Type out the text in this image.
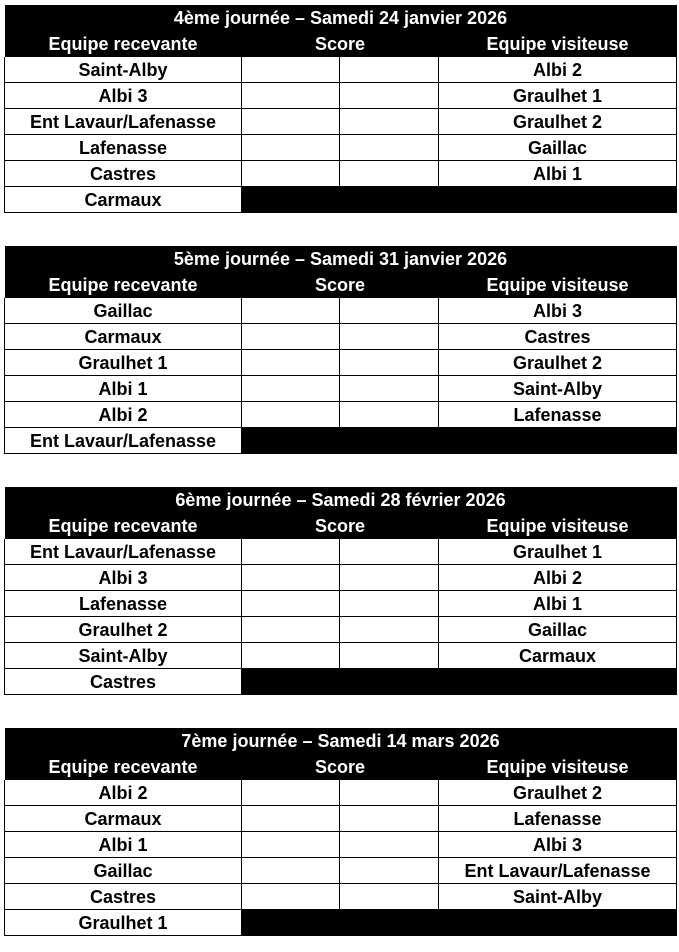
4ème journée – Samedi 24 janvier 2026			
Equipe recevante	Score		Equipe visiteuse
Saint-Alby			Albi 2
Albi 3			Graulhet 1
Ent Lavaur/Lafenasse			Graulhet 2
Lafenasse			Gaillac
Castres			Albi 1
Carmaux			
5ème journée – Samedi 31 janvier 2026			
Equipe recevante	Score		Equipe visiteuse
Gaillac			Albi 3
Carmaux			Castres
Graulhet 1			Graulhet 2
Albi 1			Saint-Alby
Albi 2			Lafenasse
Ent Lavaur/Lafenasse			
6ème journée – Samedi 28 février 2026			
Equipe recevante	Score		Equipe visiteuse
Ent Lavaur/Lafenasse			Graulhet 1
Albi 3			Albi 2
Lafenasse			Albi 1
Graulhet 2			Gaillac
Saint-Alby			Carmaux
Castres			
7ème journée – Samedi 14 mars 2026			
Equipe recevante	Score		Equipe visiteuse
Albi 2			Graulhet 2
Carmaux			Lafenasse
Albi 1			Albi 3
Gaillac			Ent Lavaur/Lafenasse
Castres			Saint-Alby
Graulhet 1			
